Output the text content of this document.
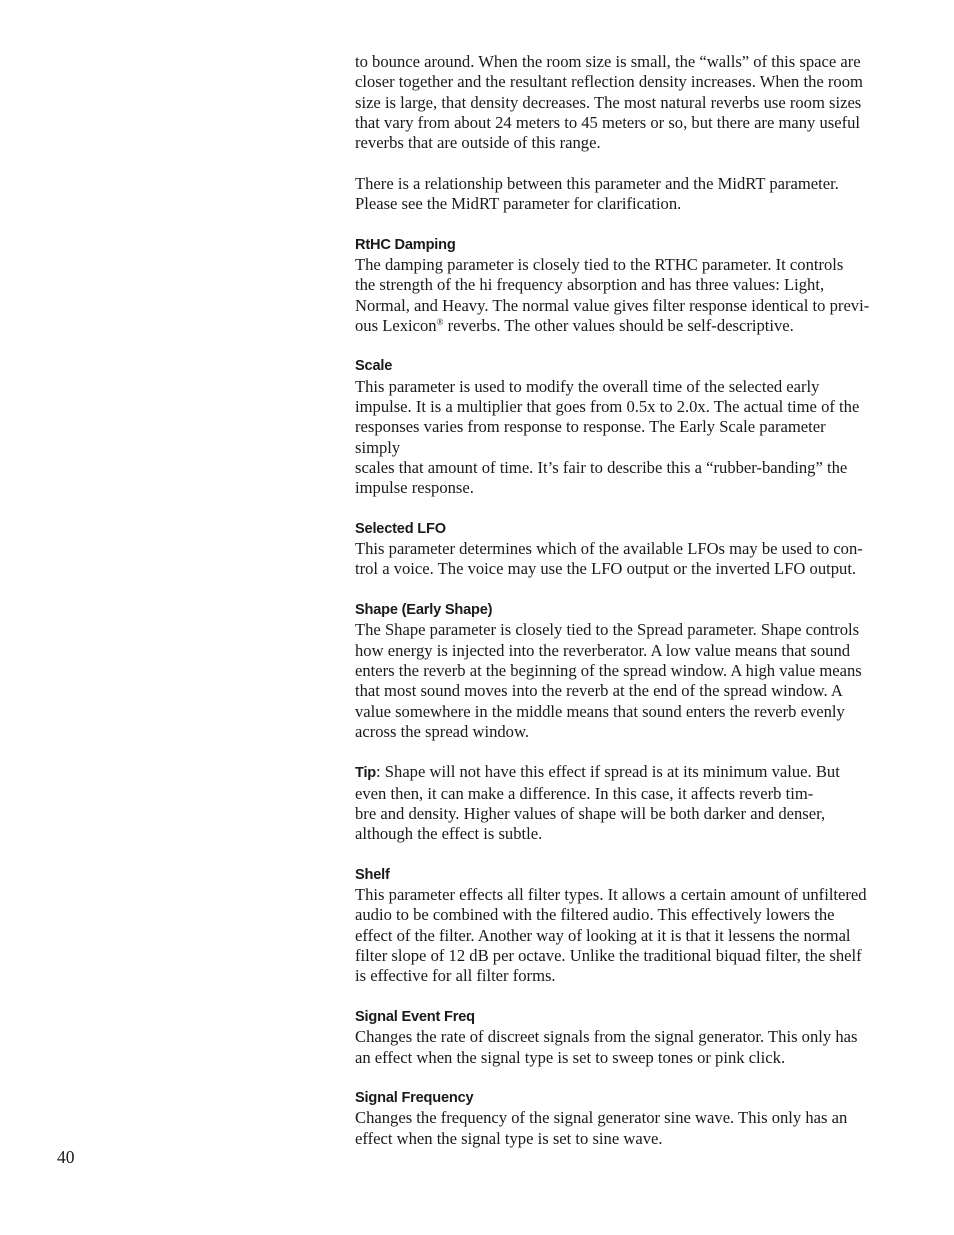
to bounce around. When the room size is small, the “walls” of this space are
closer together and the resultant reflection density increases. When the room
size is large, that density decreases. The most natural reverbs use room sizes
that vary from about 24 meters to 45 meters or so, but there are many useful
reverbs that are outside of this range.

There is a relationship between this parameter and the MidRT parameter.
Please see the MidRT parameter for clarification.

RtHC Damping

The damping parameter is closely tied to the RTHC parameter. It controls
the strength of the hi frequency absorption and has three values: Light,
Normal, and Heavy. The normal value gives filter response identical to previ-
ous Lexicon® reverbs. The other values should be self-descriptive.

Scale

This parameter is used to modify the overall time of the selected early
impulse. It is a multiplier that goes from 0.5x to 2.0x. The actual time of the
responses varies from response to response. The Early Scale parameter simply
scales that amount of time. It’s fair to describe this a “rubber-banding” the
impulse response.

Selected LFO

This parameter determines which of the available LFOs may be used to con-
trol a voice. The voice may use the LFO output or the inverted LFO output.

Shape (Early Shape)

The Shape parameter is closely tied to the Spread parameter. Shape controls
how energy is injected into the reverberator. A low value means that sound
enters the reverb at the beginning of the spread window. A high value means
that most sound moves into the reverb at the end of the spread window. A
value somewhere in the middle means that sound enters the reverb evenly
across the spread window.

Tip: Shape will not have this effect if spread is at its minimum value. But
even then, it can make a difference. In this case, it affects reverb tim-
bre and density. Higher values of shape will be both darker and denser,
although the effect is subtle.

Shelf

This parameter effects all filter types. It allows a certain amount of unfiltered
audio to be combined with the filtered audio. This effectively lowers the
effect of the filter. Another way of looking at it is that it lessens the normal
filter slope of 12 dB per octave. Unlike the traditional biquad filter, the shelf
is effective for all filter forms.

Signal Event Freq

Changes the rate of discreet signals from the signal generator. This only has
an effect when the signal type is set to sweep tones or pink click.

Signal Frequency

Changes the frequency of the signal generator sine wave. This only has an
effect when the signal type is set to sine wave.

40
